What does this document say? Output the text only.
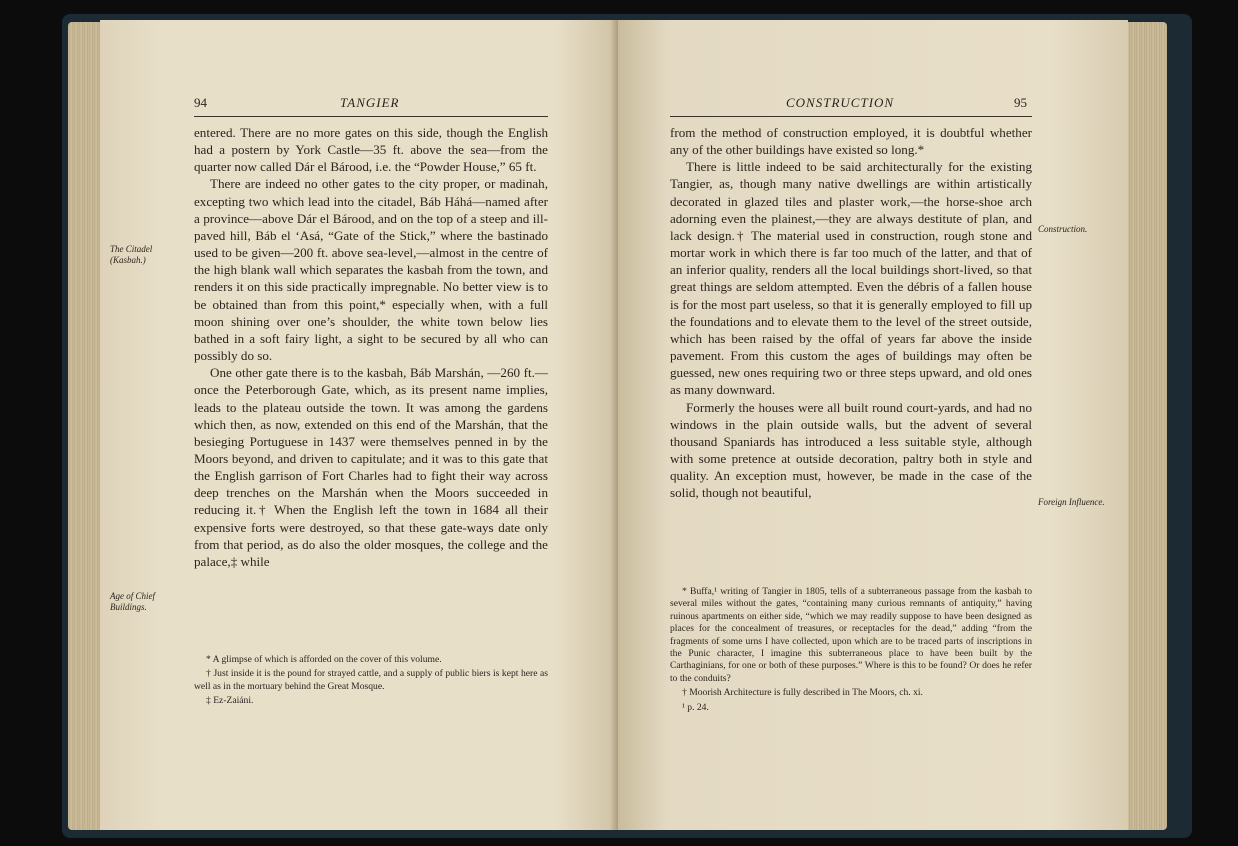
94	TANGIER

entered. There are no more gates on this side, though the English had a postern by York Castle—35 ft. above the sea—from the quarter now called Dár el Bárood, i.e. the “Powder House,” 65 ft.

There are indeed no other gates to the city proper, or madinah, excepting two which lead into the citadel, Báb Háhá—named after a province—above Dár el Bárood, and on the top of a steep and ill-paved hill, Báb el ‘Asá, “Gate of the Stick,” where the bastinado used to be given—200 ft. above sea-level,—almost in the centre of the high blank wall which separates the kasbah from the town, and renders it on this side practically impregnable. No better view is to be obtained than from this point,* especially when, with a full moon shining over one’s shoulder, the white town below lies bathed in a soft fairy light, a sight to be secured by all who can possibly do so.

One other gate there is to the kasbah, Báb Marshán, —260 ft.—once the Peterborough Gate, which, as its present name implies, leads to the plateau outside the town. It was among the gardens which then, as now, extended on this end of the Marshán, that the besieging Portuguese in 1437 were themselves penned in by the Moors beyond, and driven to capitulate; and it was to this gate that the English garrison of Fort Charles had to fight their way across deep trenches on the Marshán when the Moors succeeded in reducing it.† When the English left the town in 1684 all their expensive forts were destroyed, so that these gate-ways date only from that period, as do also the older mosques, the college and the palace,‡ while

The Citadel (Kasbah.)
Age of Chief Buildings.

* A glimpse of which is afforded on the cover of this volume.

† Just inside it is the pound for strayed cattle, and a supply of public biers is kept here as well as in the mortuary behind the Great Mosque.

‡ Ez-Zaiáni.

CONSTRUCTION	95

from the method of construction employed, it is doubtful whether any of the other buildings have existed so long.*

There is little indeed to be said architecturally for the existing Tangier, as, though many native dwellings are within artistically decorated in glazed tiles and plaster work,—the horse-shoe arch adorning even the plainest,—they are always destitute of plan, and lack design.† The material used in construction, rough stone and mortar work in which there is far too much of the latter, and that of an inferior quality, renders all the local buildings short-lived, so that great things are seldom attempted. Even the débris of a fallen house is for the most part useless, so that it is generally employed to fill up the foundations and to elevate them to the level of the street outside, which has been raised by the offal of years far above the inside pavement. From this custom the ages of buildings may often be guessed, new ones requiring two or three steps upward, and old ones as many downward.

Formerly the houses were all built round court-yards, and had no windows in the plain outside walls, but the advent of several thousand Spaniards has introduced a less suitable style, although with some pretence at outside decoration, paltry both in style and quality. An exception must, however, be made in the case of the solid, though not beautiful,

Construction.
Foreign Influence.

* Buffa,¹ writing of Tangier in 1805, tells of a subterraneous passage from the kasbah to several miles without the gates, “containing many curious remnants of antiquity,” having ruinous apartments on either side, “which we may readily suppose to have been designed as places for the concealment of treasures, or receptacles for the dead,” adding “from the fragments of some urns I have collected, upon which are to be traced parts of inscriptions in the Punic character, I imagine this subterraneous place to have been built by the Carthaginians, for one or both of these purposes.” Where is this to be found? Or does he refer to the conduits?

† Moorish Architecture is fully described in The Moors, ch. xi.

¹ p. 24.
